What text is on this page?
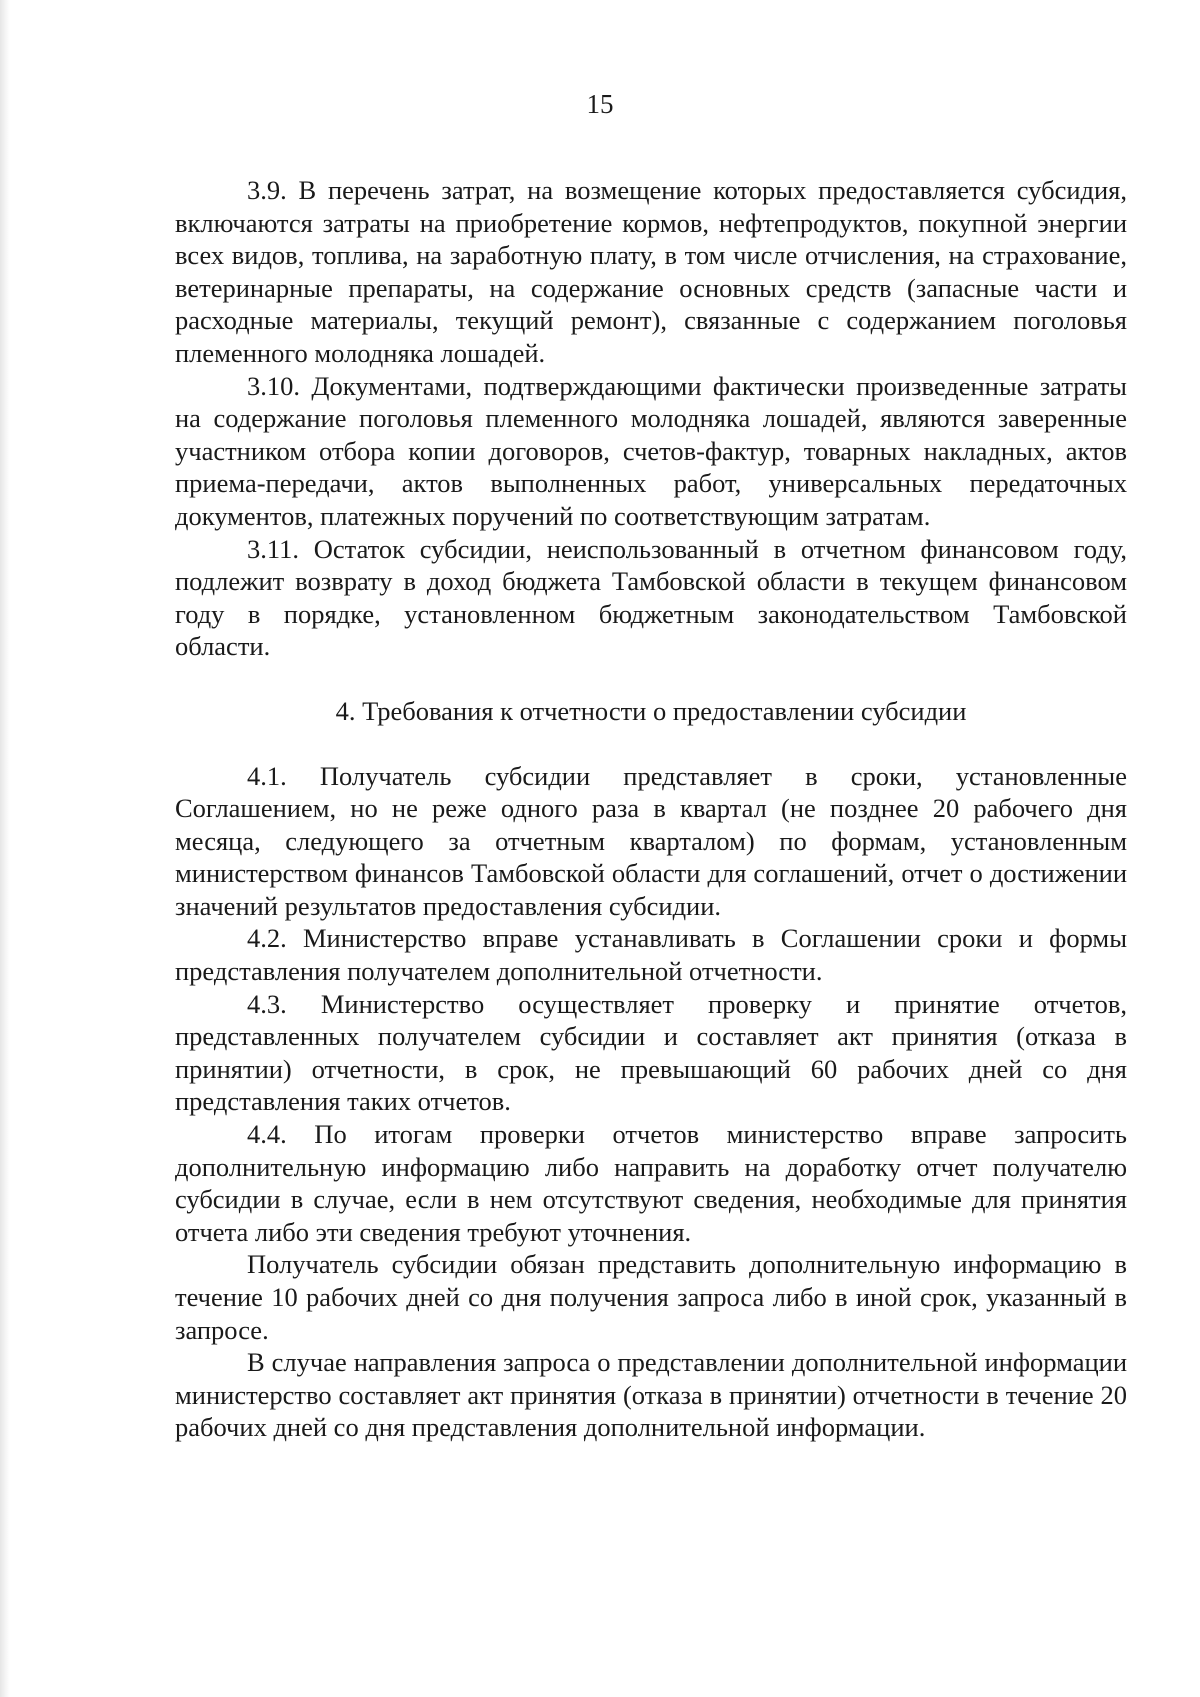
15

3.9. В перечень затрат, на возмещение которых предоставляется субсидия, включаются затраты на приобретение кормов, нефтепродуктов, покупной энергии всех видов, топлива, на заработную плату, в том числе отчисления, на страхование, ветеринарные препараты, на содержание основных средств (запасные части и расходные материалы, текущий ремонт), связанные с содержанием поголовья племенного молодняка лошадей.

3.10. Документами, подтверждающими фактически произведенные затраты на содержание поголовья племенного молодняка лошадей, являются заверенные участником отбора копии договоров, счетов-фактур, товарных накладных, актов приема-передачи, актов выполненных работ, универсальных передаточных документов, платежных поручений по соответствующим затратам.

3.11. Остаток субсидии, неиспользованный в отчетном финансовом году, подлежит возврату в доход бюджета Тамбовской области в текущем финансовом году в порядке, установленном бюджетным законодательством Тамбовской области.

4. Требования к отчетности о предоставлении субсидии

4.1. Получатель субсидии представляет в сроки, установленные Соглашением, но не реже одного раза в квартал (не позднее 20 рабочего дня месяца, следующего за отчетным кварталом) по формам, установленным министерством финансов Тамбовской области для соглашений, отчет о достижении значений результатов предоставления субсидии.

4.2. Министерство вправе устанавливать в Соглашении сроки и формы представления получателем дополнительной отчетности.

4.3. Министерство осуществляет проверку и принятие отчетов, представленных получателем субсидии и составляет акт принятия (отказа в принятии) отчетности, в срок, не превышающий 60 рабочих дней со дня представления таких отчетов.

4.4. По итогам проверки отчетов министерство вправе запросить дополнительную информацию либо направить на доработку отчет получателю субсидии в случае, если в нем отсутствуют сведения, необходимые для принятия отчета либо эти сведения требуют уточнения.

Получатель субсидии обязан представить дополнительную информацию в течение 10 рабочих дней со дня получения запроса либо в иной срок, указанный в запросе.

В случае направления запроса о представлении дополнительной информации министерство составляет акт принятия (отказа в принятии) отчетности в течение 20 рабочих дней со дня представления дополнительной информации.
